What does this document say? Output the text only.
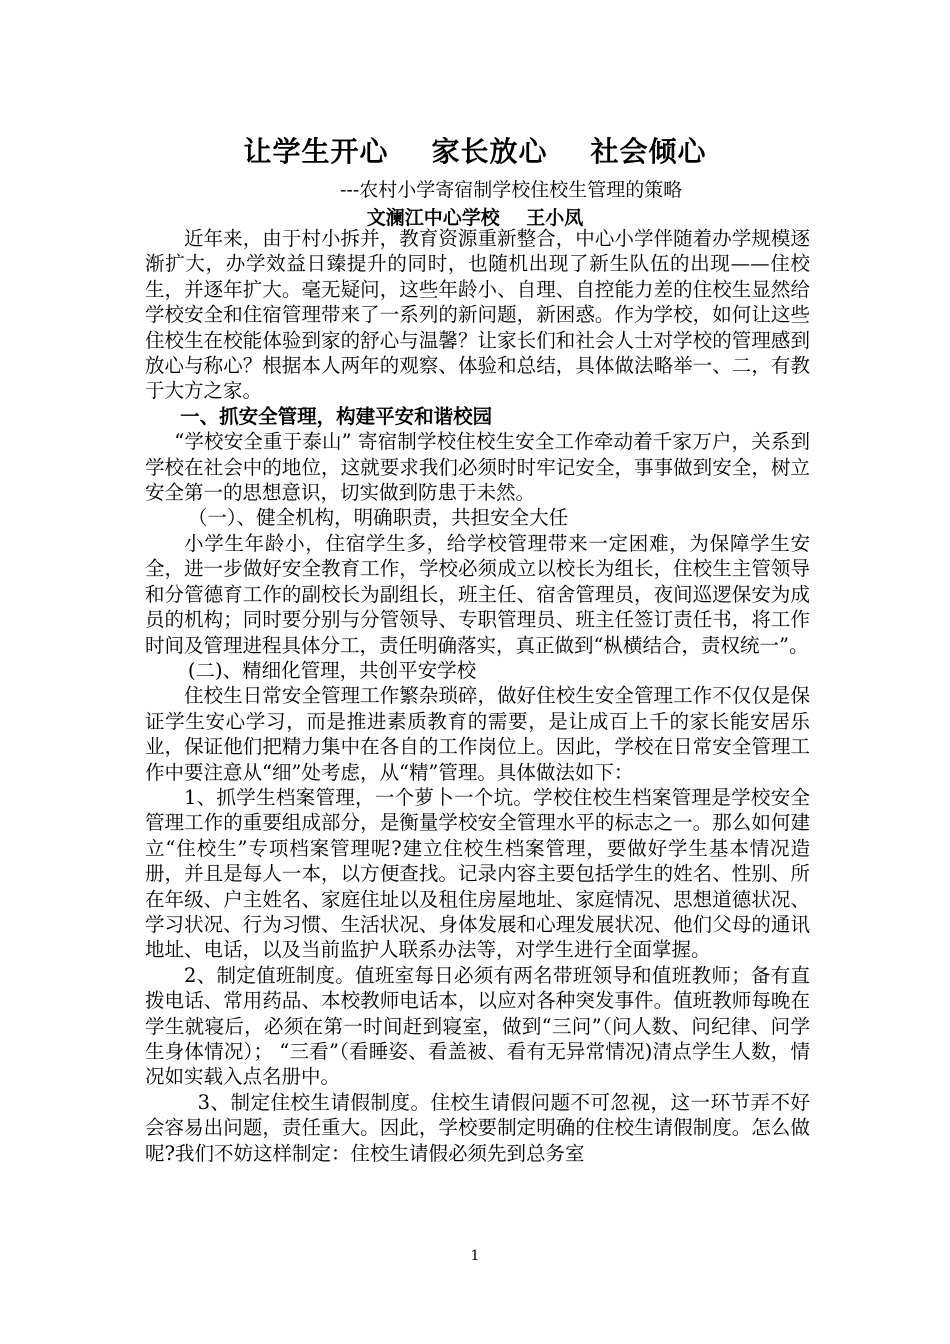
让学生开心    家长放心    社会倾心
---农村小学寄宿制学校住校生管理的策略
文澜江中心学校    王小凤

近年来，由于村小拆并，教育资源重新整合，中心小学伴随着办学规模逐渐扩大，办学效益日臻提升的同时，也随机出现了新生队伍的出现——住校生，并逐年扩大。毫无疑问，这些年龄小、自理、自控能力差的住校生显然给学校安全和住宿管理带来了一系列的新问题，新困惑。作为学校，如何让这些住校生在校能体验到家的舒心与温馨？让家长们和社会人士对学校的管理感到放心与称心？根据本人两年的观察、体验和总结，具体做法略举一、二，有教于大方之家。

一、抓安全管理，构建平安和谐校园

“学校安全重于泰山” 寄宿制学校住校生安全工作牵动着千家万户，关系到学校在社会中的地位，这就要求我们必须时时牢记安全，事事做到安全，树立安全第一的思想意识，切实做到防患于未然。

（一）、健全机构，明确职责，共担安全大任

小学生年龄小，住宿学生多，给学校管理带来一定困难，为保障学生安全，进一步做好安全教育工作，学校必须成立以校长为组长，住校生主管领导和分管德育工作的副校长为副组长，班主任、宿舍管理员，夜间巡逻保安为成员的机构；同时要分别与分管领导、专职管理员、班主任签订责任书，将工作时间及管理进程具体分工，责任明确落实，真正做到“枞横结合，责权统一”。

(二)、精细化管理，共创平安学校

住校生日常安全管理工作繁杂琐碎，做好住校生安全管理工作不仅仅是保证学生安心学习，而是推进素质教育的需要，是让成百上千的家长能安居乐业，保证他们把精力集中在各自的工作岗位上。因此，学校在日常安全管理工作中要注意从“细”处考虑，从“精”管理。具体做法如下：

1、抓学生档案管理，一个萝卜一个坑。学校住校生档案管理是学校安全管理工作的重要组成部分，是衡量学校安全管理水平的标志之一。那么如何建立“住校生”专项档案管理呢?建立住校生档案管理，要做好学生基本情况造册，并且是每人一本，以方便查找。记录内容主要包括学生的姓名、性别、所在年级、户主姓名、家庭住址以及租住房屋地址、家庭情况、思想道德状况、学习状况、行为习惯、生活状况、身体发展和心理发展状况、他们父母的通讯地址、电话，以及当前监护人联系办法等，对学生进行全面掌握。

2、制定值班制度。值班室每日必须有两名带班领导和值班教师；备有直拨电话、常用药品、本校教师电话本，以应对各种突发事件。值班教师每晚在学生就寝后，必须在第一时间赶到寝室，做到“三问”（问人数、问纪律、问学生身体情况）； “三看”（看睡姿、看盖被、看有无异常情况)清点学生人数，情况如实载入点名册中。

3、制定住校生请假制度。住校生请假问题不可忽视，这一环节弄不好会容易出问题，责任重大。因此，学校要制定明确的住校生请假制度。怎么做呢?我们不妨这样制定：住校生请假必须先到总务室

1
